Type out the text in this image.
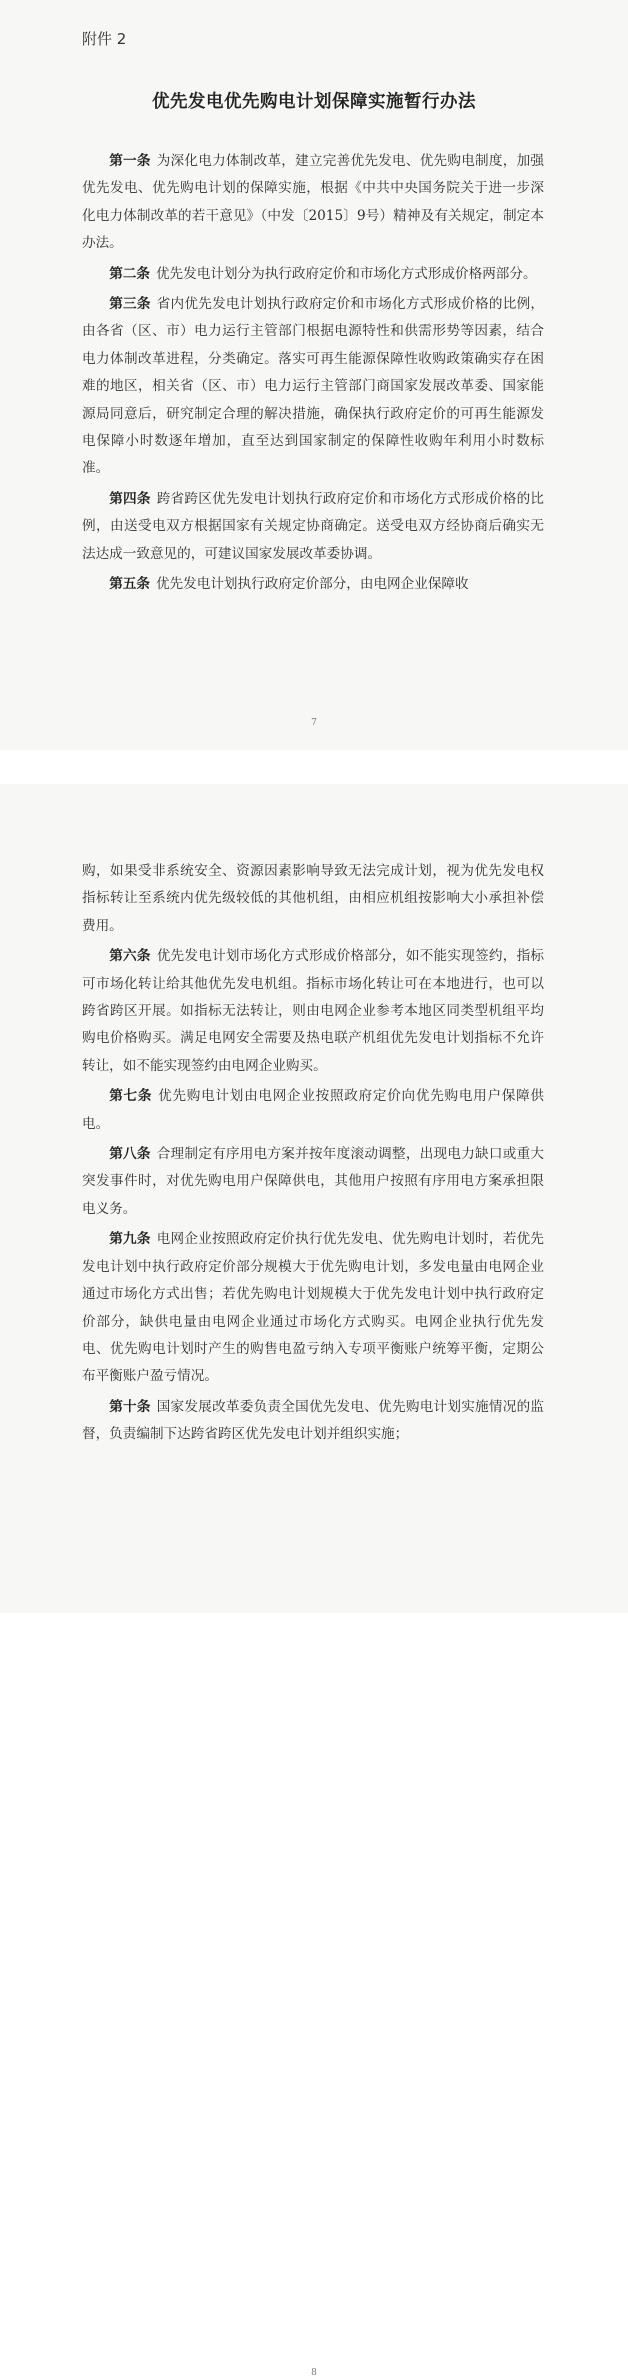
附件 2
优先发电优先购电计划保障实施暂行办法

第一条 为深化电力体制改革，建立完善优先发电、优先购电制度，加强优先发电、优先购电计划的保障实施，根据《中共中央国务院关于进一步深化电力体制改革的若干意见》（中发〔2015〕9号）精神及有关规定，制定本办法。

第二条 优先发电计划分为执行政府定价和市场化方式形成价格两部分。

第三条 省内优先发电计划执行政府定价和市场化方式形成价格的比例，由各省（区、市）电力运行主管部门根据电源特性和供需形势等因素，结合电力体制改革进程，分类确定。落实可再生能源保障性收购政策确实存在困难的地区，相关省（区、市）电力运行主管部门商国家发展改革委、国家能源局同意后，研究制定合理的解决措施，确保执行政府定价的可再生能源发电保障小时数逐年增加，直至达到国家制定的保障性收购年利用小时数标准。

第四条 跨省跨区优先发电计划执行政府定价和市场化方式形成价格的比例，由送受电双方根据国家有关规定协商确定。送受电双方经协商后确实无法达成一致意见的，可建议国家发展改革委协调。

第五条 优先发电计划执行政府定价部分，由电网企业保障收

7
8

购，如果受非系统安全、资源因素影响导致无法完成计划，视为优先发电权指标转让至系统内优先级较低的其他机组，由相应机组按影响大小承担补偿费用。

第六条 优先发电计划市场化方式形成价格部分，如不能实现签约，指标可市场化转让给其他优先发电机组。指标市场化转让可在本地进行，也可以跨省跨区开展。如指标无法转让，则由电网企业参考本地区同类型机组平均购电价格购买。满足电网安全需要及热电联产机组优先发电计划指标不允许转让，如不能实现签约由电网企业购买。

第七条 优先购电计划由电网企业按照政府定价向优先购电用户保障供电。

第八条 合理制定有序用电方案并按年度滚动调整，出现电力缺口或重大突发事件时，对优先购电用户保障供电，其他用户按照有序用电方案承担限电义务。

第九条 电网企业按照政府定价执行优先发电、优先购电计划时，若优先发电计划中执行政府定价部分规模大于优先购电计划，多发电量由电网企业通过市场化方式出售；若优先购电计划规模大于优先发电计划中执行政府定价部分，缺供电量由电网企业通过市场化方式购买。电网企业执行优先发电、优先购电计划时产生的购售电盈亏纳入专项平衡账户统筹平衡，定期公布平衡账户盈亏情况。

第十条 国家发展改革委负责全国优先发电、优先购电计划实施情况的监督，负责编制下达跨省跨区优先发电计划并组织实施；
